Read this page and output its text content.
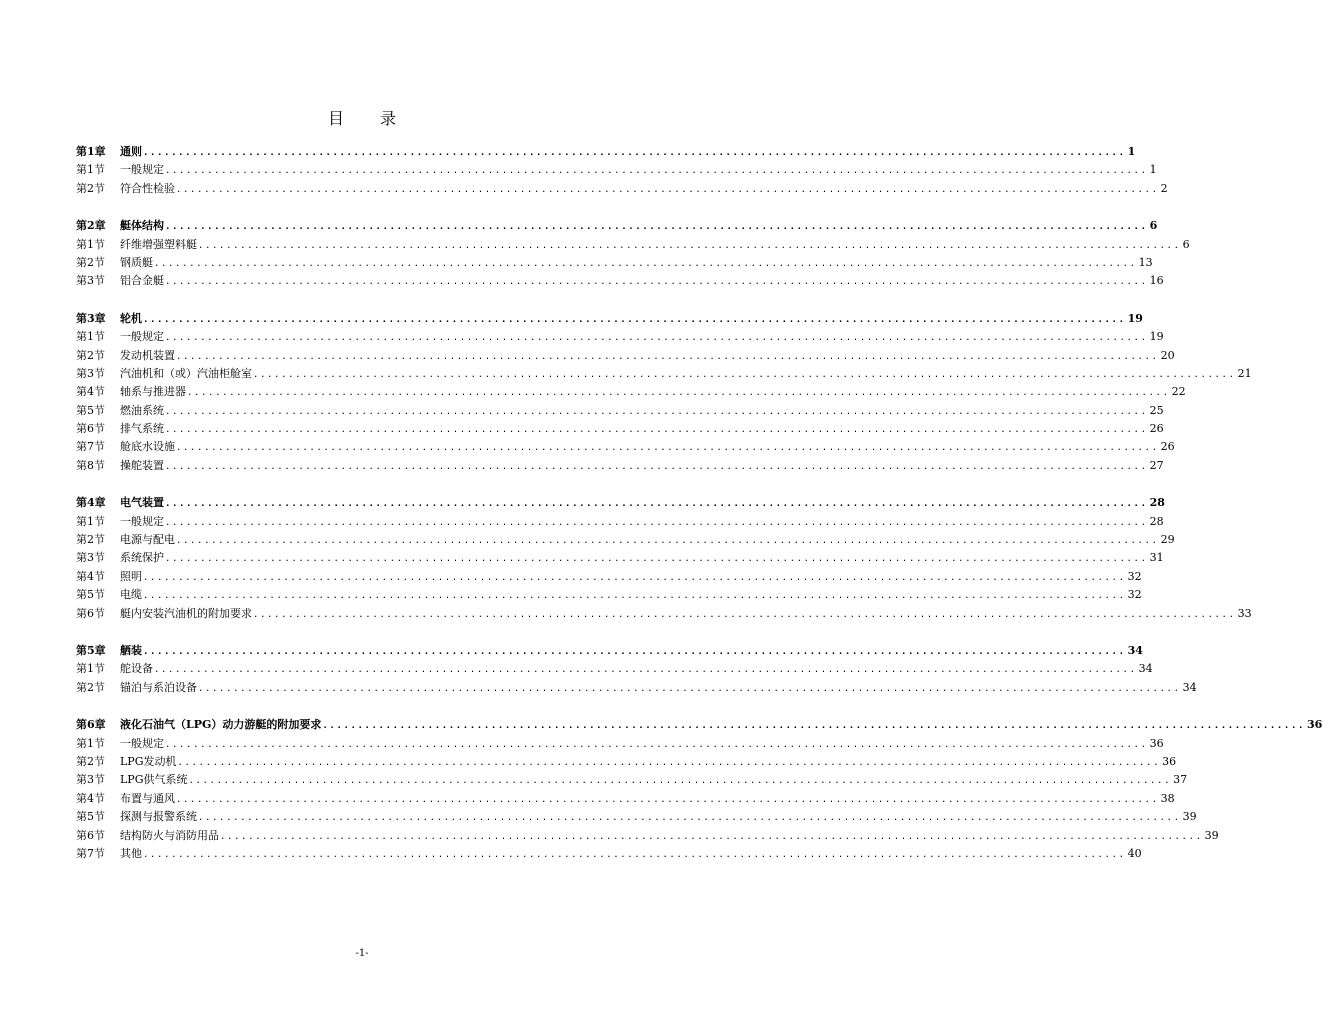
目 录
第1章	通则 ............................................................................................................................................ 1
第1节	一般规定 ............................................................................................................................................ 1
第2节	符合性检验 ............................................................................................................................................ 2
第2章	艇体结构 ............................................................................................................................................ 6
第1节	纤维增强塑料艇 ............................................................................................................................................ 6
第2节	钢质艇 ............................................................................................................................................ 13
第3节	铝合金艇 ............................................................................................................................................ 16
第3章	轮机 ............................................................................................................................................ 19
第1节	一般规定 ............................................................................................................................................ 19
第2节	发动机装置 ............................................................................................................................................ 20
第3节	汽油机和（或）汽油柜舱室 ............................................................................................................................................ 21
第4节	轴系与推进器 ............................................................................................................................................ 22
第5节	燃油系统 ............................................................................................................................................ 25
第6节	排气系统 ............................................................................................................................................ 26
第7节	舱底水设施 ............................................................................................................................................ 26
第8节	操舵装置 ............................................................................................................................................ 27
第4章	电气装置 ............................................................................................................................................ 28
第1节	一般规定 ............................................................................................................................................ 28
第2节	电源与配电 ............................................................................................................................................ 29
第3节	系统保护 ............................................................................................................................................ 31
第4节	照明 ............................................................................................................................................ 32
第5节	电缆 ............................................................................................................................................ 32
第6节	艇内安装汽油机的附加要求 ............................................................................................................................................ 33
第5章	舾装 ............................................................................................................................................ 34
第1节	舵设备 ............................................................................................................................................ 34
第2节	锚泊与系泊设备 ............................................................................................................................................ 34
第6章	液化石油气（LPG）动力游艇的附加要求 ............................................................................................................................................ 36
第1节	一般规定 ............................................................................................................................................ 36
第2节	LPG发动机 ............................................................................................................................................ 36
第3节	LPG供气系统 ............................................................................................................................................ 37
第4节	布置与通风 ............................................................................................................................................ 38
第5节	探测与报警系统 ............................................................................................................................................ 39
第6节	结构防火与消防用品 ............................................................................................................................................ 39
第7节	其他 ............................................................................................................................................ 40
-1-
